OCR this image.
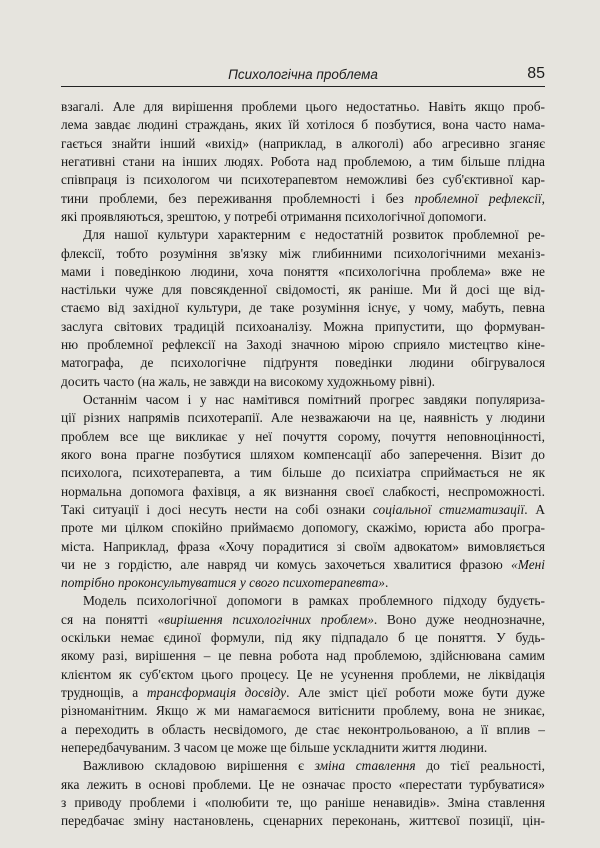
Психологічна проблема	85
взагалі. Але для вирішення проблеми цього недостатньо. Навіть якщо проб-
лема завдає людині страждань, яких їй хотілося б позбутися, вона часто нама-
гається знайти інший «вихід» (наприклад, в алкоголі) або агресивно зганяє
негативні стани на інших людях. Робота над проблемою, а тим більше плідна
співпраця із психологом чи психотерапевтом неможливі без суб'єктивної кар-
тини проблеми, без переживання проблемності і без проблемної рефлексії,
які проявляються, зрештою, у потребі отримання психологічної допомоги.
Для нашої культури характерним є недостатній розвиток проблемної ре-
флексії, тобто розуміння зв'язку між глибинними психологічними механіз-
мами і поведінкою людини, хоча поняття «психологічна проблема» вже не
настільки чуже для повсякденної свідомості, як раніше. Ми й досі ще від-
стаємо від західної культури, де таке розуміння існує, у чому, мабуть, певна
заслуга світових традицій психоаналізу. Можна припустити, що формуван-
ню проблемної рефлексії на Заході значною мірою сприяло мистецтво кіне-
матографа, де психологічне підґрунтя поведінки людини обігрувалося
досить часто (на жаль, не завжди на високому художньому рівні).
Останнім часом і у нас намітився помітний прогрес завдяки популяриза-
ції різних напрямів психотерапії. Але незважаючи на це, наявність у людини
проблем все ще викликає у неї почуття сорому, почуття неповноцінності,
якого вона прагне позбутися шляхом компенсації або заперечення. Візит до
психолога, психотерапевта, а тим більше до психіатра сприймається не як
нормальна допомога фахівця, а як визнання своєї слабкості, неспроможності.
Такі ситуації і досі несуть нести на собі ознаки соціальної стигматизації. А
проте ми цілком спокійно приймаємо допомогу, скажімо, юриста або програ-
міста. Наприклад, фраза «Хочу порадитися зі своїм адвокатом» вимовляється
чи не з гордістю, але навряд чи комусь захочеться хвалитися фразою «Мені
потрібно проконсультуватися у свого психотерапевта».
Модель психологічної допомоги в рамках проблемного підходу будуєть-
ся на понятті «вирішення психологічних проблем». Воно дуже неоднозначне,
оскільки немає єдиної формули, під яку підпадало б це поняття. У будь-
якому разі, вирішення – це певна робота над проблемою, здійснювана самим
клієнтом як суб'єктом цього процесу. Це не усунення проблеми, не ліквідація
труднощів, а трансформація досвіду. Але зміст цієї роботи може бути дуже
різноманітним. Якщо ж ми намагаємося витіснити проблему, вона не зникає,
а переходить в область несвідомого, де стає неконтрольованою, а її вплив –
непередбачуваним. З часом це може ще більше ускладнити життя людини.
Важливою складовою вирішення є зміна ставлення до тієї реальності,
яка лежить в основі проблеми. Це не означає просто «перестати турбуватися»
з приводу проблеми і «полюбити те, що раніше ненавидів». Зміна ставлення
передбачає зміну настановлень, сценарних переконань, життєвої позиції, цін-
